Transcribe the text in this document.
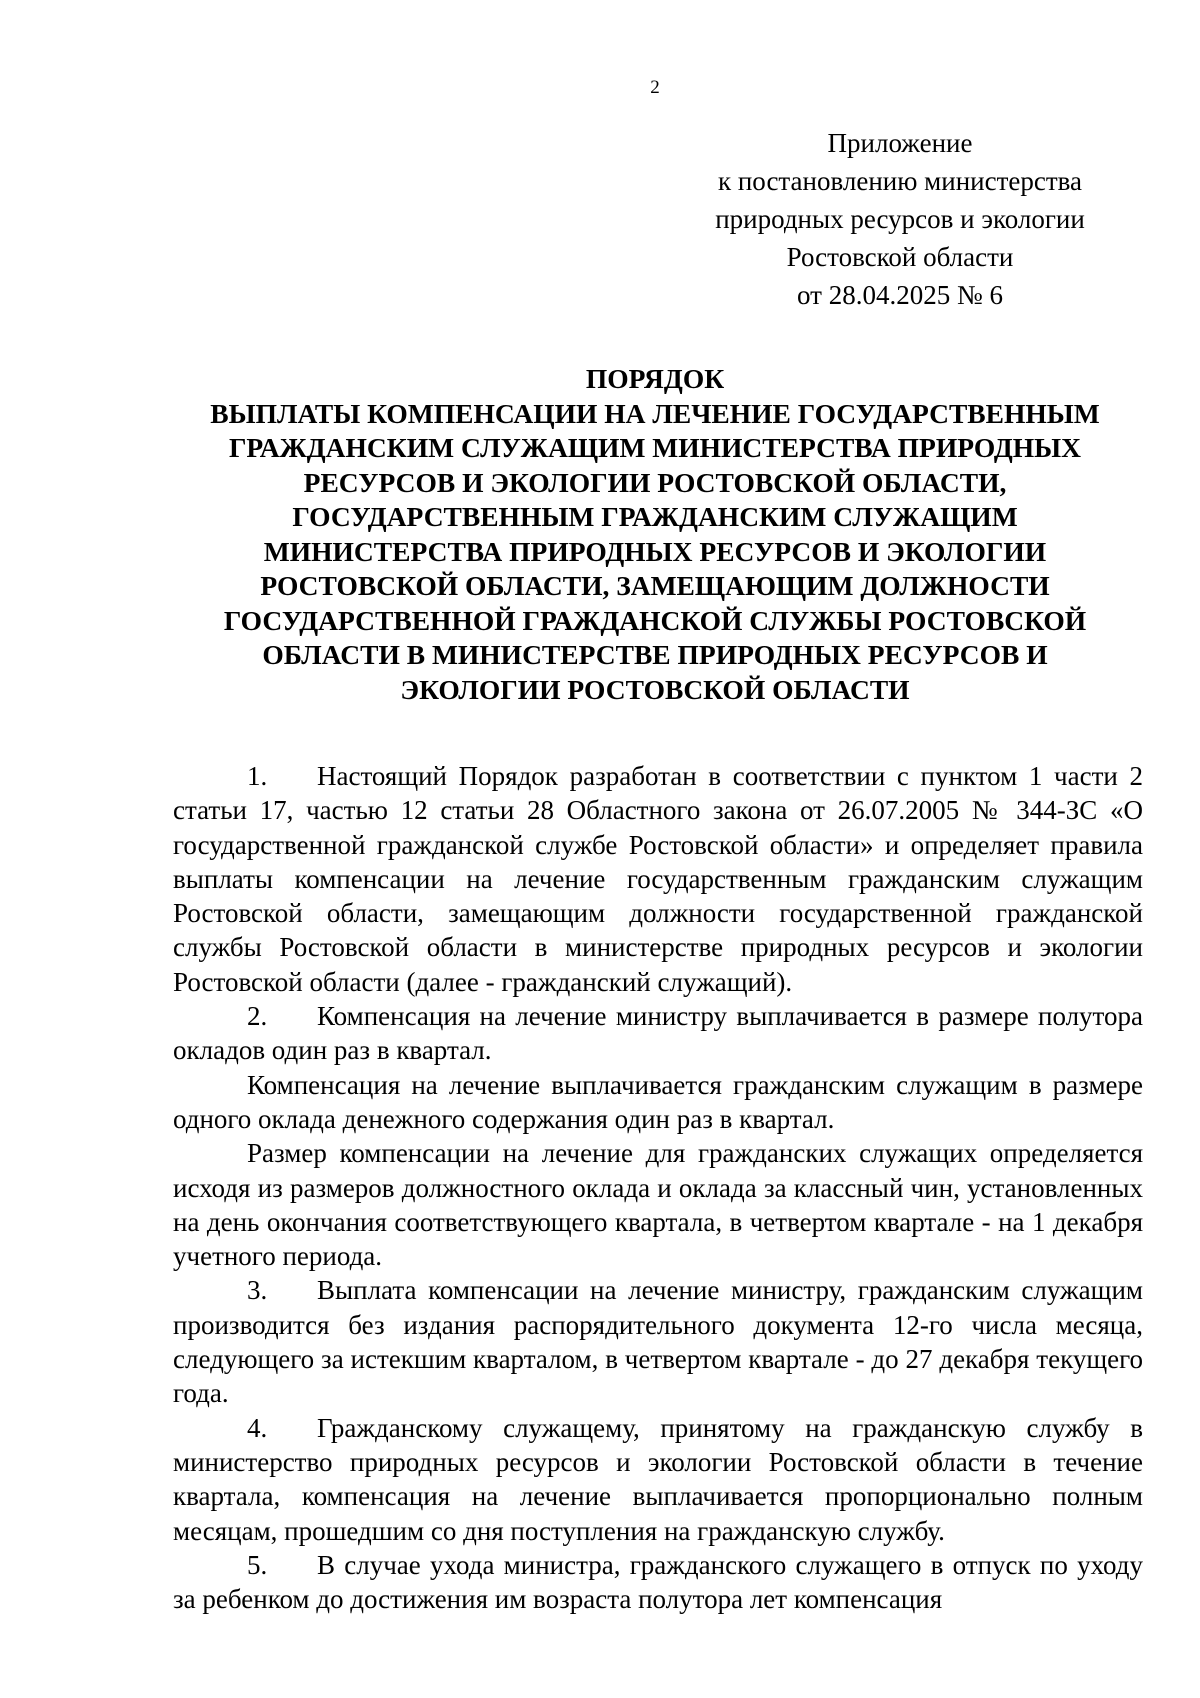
2
Приложение
к постановлению министерства
природных ресурсов и экологии
Ростовской области
от 28.04.2025 № 6
ПОРЯДОК
ВЫПЛАТЫ КОМПЕНСАЦИИ НА ЛЕЧЕНИЕ ГОСУДАРСТВЕННЫМ
ГРАЖДАНСКИМ СЛУЖАЩИМ МИНИСТЕРСТВА ПРИРОДНЫХ
РЕСУРСОВ И ЭКОЛОГИИ РОСТОВСКОЙ ОБЛАСТИ,
ГОСУДАРСТВЕННЫМ ГРАЖДАНСКИМ СЛУЖАЩИМ
МИНИСТЕРСТВА ПРИРОДНЫХ РЕСУРСОВ И ЭКОЛОГИИ
РОСТОВСКОЙ ОБЛАСТИ, ЗАМЕЩАЮЩИМ ДОЛЖНОСТИ
ГОСУДАРСТВЕННОЙ ГРАЖДАНСКОЙ СЛУЖБЫ РОСТОВСКОЙ
ОБЛАСТИ В МИНИСТЕРСТВЕ ПРИРОДНЫХ РЕСУРСОВ И
ЭКОЛОГИИ РОСТОВСКОЙ ОБЛАСТИ

1. Настоящий Порядок разработан в соответствии с пунктом 1 части 2 статьи 17, частью 12 статьи 28 Областного закона от 26.07.2005 № 344-ЗС «О государственной гражданской службе Ростовской области» и определяет правила выплаты компенсации на лечение государственным гражданским служащим Ростовской области, замещающим должности государственной гражданской службы Ростовской области в министерстве природных ресурсов и экологии Ростовской области (далее - гражданский служащий).

2. Компенсация на лечение министру выплачивается в размере полутора окладов один раз в квартал.

Компенсация на лечение выплачивается гражданским служащим в размере одного оклада денежного содержания один раз в квартал.

Размер компенсации на лечение для гражданских служащих определяется исходя из размеров должностного оклада и оклада за классный чин, установленных на день окончания соответствующего квартала, в четвертом квартале - на 1 декабря учетного периода.

3. Выплата компенсации на лечение министру, гражданским служащим производится без издания распорядительного документа 12-го числа месяца, следующего за истекшим кварталом, в четвертом квартале - до 27 декабря текущего года.

4. Гражданскому служащему, принятому на гражданскую службу в министерство природных ресурсов и экологии Ростовской области в течение квартала, компенсация на лечение выплачивается пропорционально полным месяцам, прошедшим со дня поступления на гражданскую службу.

5. В случае ухода министра, гражданского служащего в отпуск по уходу за ребенком до достижения им возраста полутора лет компенсация
